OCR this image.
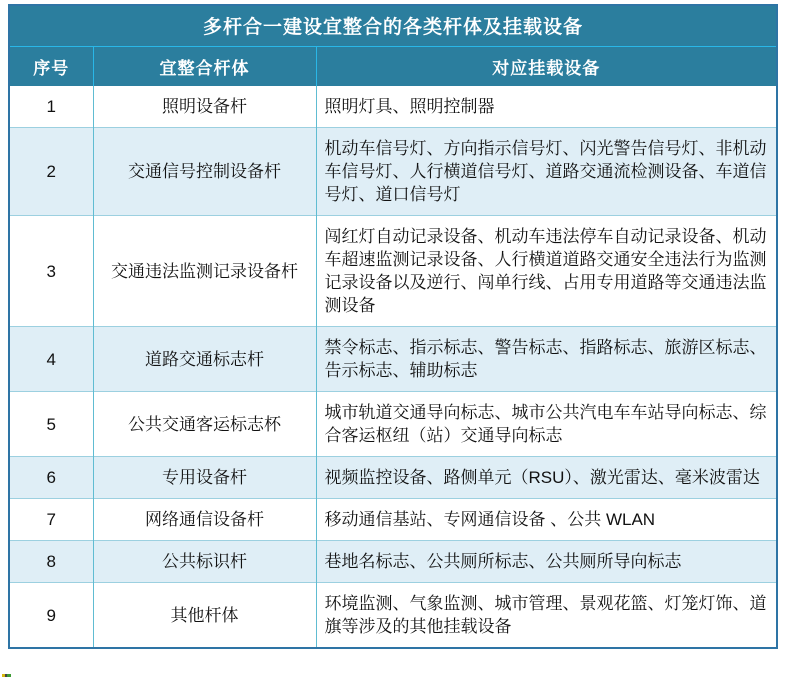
多杆合一建设宜整合的各类杆体及挂载设备		
序号	宜整合杆体	对应挂载设备
1	照明设备杆	照明灯具、照明控制器
2	交通信号控制设备杆	机动车信号灯、方向指示信号灯、闪光警告信号灯、非机动车信号灯、人行横道信号灯、道路交通流检测设备、车道信号灯、道口信号灯
3	交通违法监测记录设备杆	闯红灯自动记录设备、机动车违法停车自动记录设备、机动车超速监测记录设备、人行横道道路交通安全违法行为监测记录设备以及逆行、闯单行线、占用专用道路等交通违法监测设备
4	道路交通标志杆	禁令标志、指示标志、警告标志、指路标志、旅游区标志、告示标志、辅助标志
5	公共交通客运标志杯	城市轨道交通导向标志、城市公共汽电车车站导向标志、综合客运枢纽（站）交通导向标志
6	专用设备杆	视频监控设备、路侧单元（RSU）、激光雷达、毫米波雷达
7	网络通信设备杆	移动通信基站、专网通信设备 、公共 WLAN
8	公共标识杆	巷地名标志、公共厕所标志、公共厕所导向标志
9	其他杆体	环境监测、气象监测、城市管理、景观花篮、灯笼灯饰、道旗等涉及的其他挂载设备
